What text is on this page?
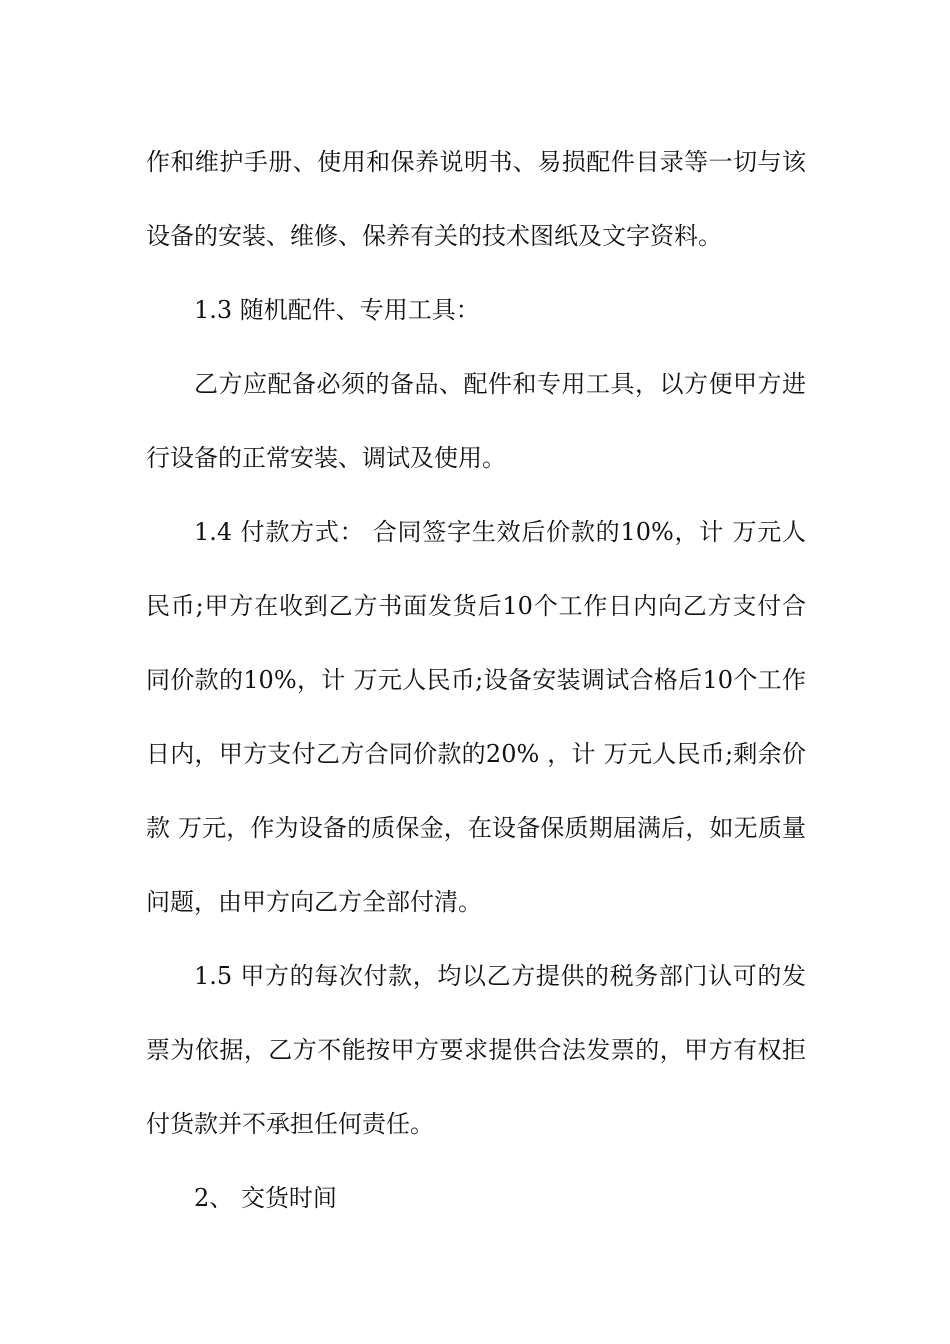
作和维护手册、使用和保养说明书、易损配件目录等一切与该设备的安装、维修、保养有关的技术图纸及文字资料。

1.3 随机配件、专用工具：

乙方应配备必须的备品、配件和专用工具，以方便甲方进行设备的正常安装、调试及使用。

1.4 付款方式： 合同签字生效后价款的10%，计 万元人民币;甲方在收到乙方书面发货后10个工作日内向乙方支付合同价款的10%，计 万元人民币;设备安装调试合格后10个工作日内，甲方支付乙方合同价款的20% ，计 万元人民币;剩余价款 万元，作为设备的质保金，在设备保质期届满后，如无质量问题，由甲方向乙方全部付清。

1.5 甲方的每次付款，均以乙方提供的税务部门认可的发票为依据，乙方不能按甲方要求提供合法发票的，甲方有权拒付货款并不承担任何责任。

2、 交货时间
